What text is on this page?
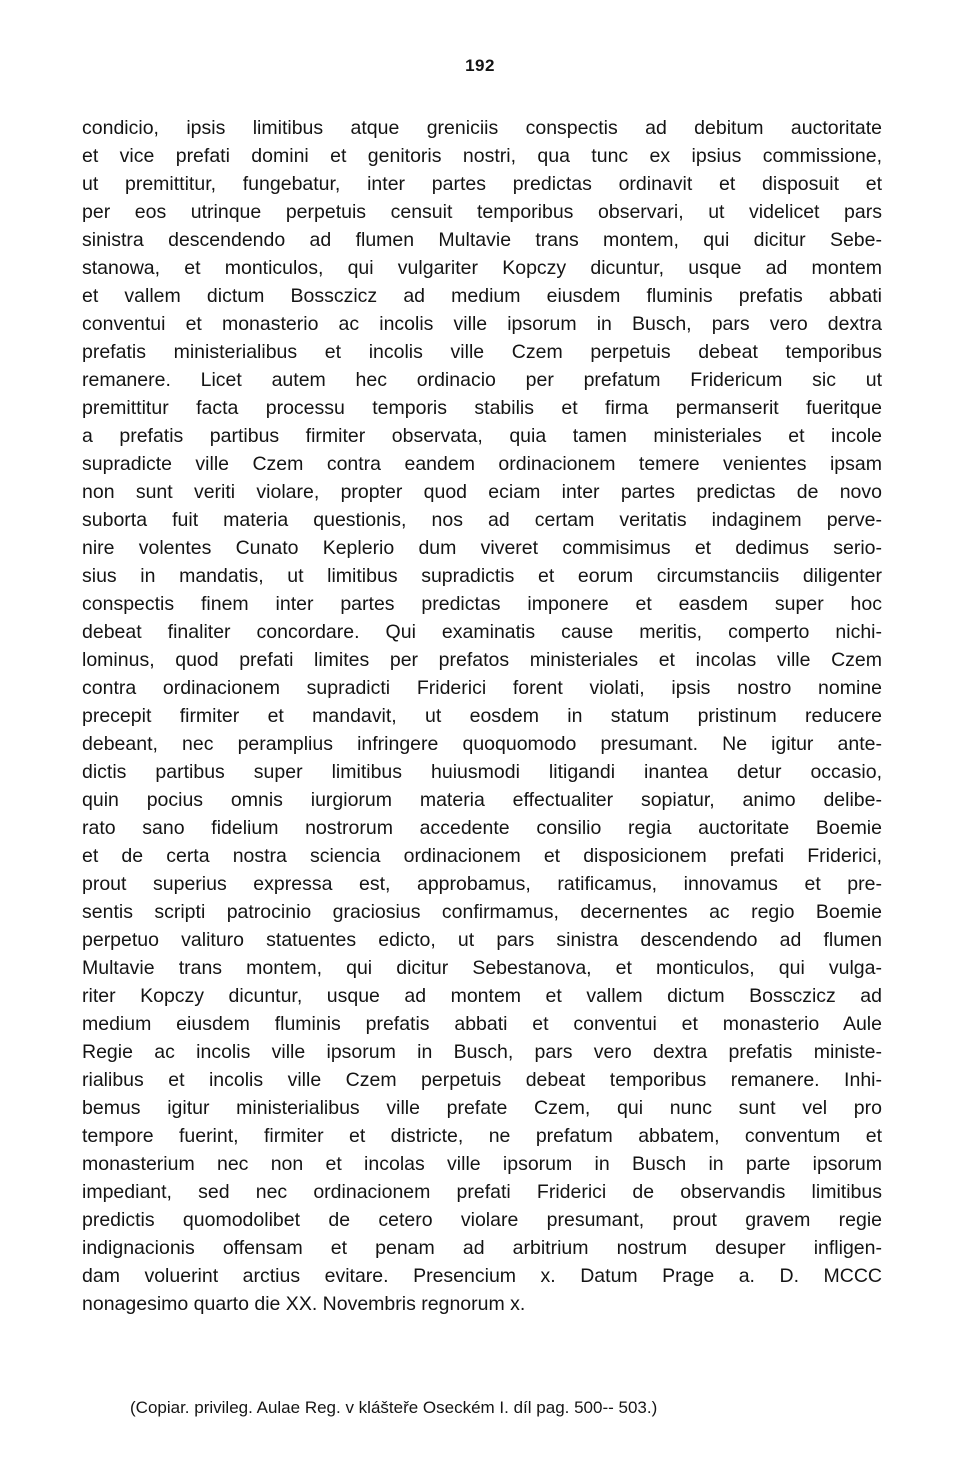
192
condicio, ipsis limitibus atque greniciis conspectis ad debitum auctoritate
et vice prefati domini et genitoris nostri, qua tunc ex ipsius commissione,
ut premittitur, fungebatur, inter partes predictas ordinavit et disposuit et
per eos utrinque perpetuis censuit temporibus observari, ut videlicet pars
sinistra descendendo ad flumen Multavie trans montem, qui dicitur Sebe-
stanowa, et monticulos, qui vulgariter Kopczy dicuntur, usque ad montem
et vallem dictum Bossczicz ad medium eiusdem fluminis prefatis abbati
conventui et monasterio ac incolis ville ipsorum in Busch, pars vero dextra
prefatis ministerialibus et incolis ville Czem perpetuis debeat temporibus
remanere. Licet autem hec ordinacio per prefatum Fridericum sic ut
premittitur facta processu temporis stabilis et firma permanserit fueritque
a prefatis partibus firmiter observata, quia tamen ministeriales et incole
supradicte ville Czem contra eandem ordinacionem temere venientes ipsam
non sunt veriti violare, propter quod eciam inter partes predictas de novo
suborta fuit materia questionis, nos ad certam veritatis indaginem perve-
nire volentes Cunato Keplerio dum viveret commisimus et dedimus serio-
sius in mandatis, ut limitibus supradictis et eorum circumstanciis diligenter
conspectis finem inter partes predictas imponere et easdem super hoc
debeat finaliter concordare. Qui examinatis cause meritis, comperto nichi-
lominus, quod prefati limites per prefatos ministeriales et incolas ville Czem
contra ordinacionem supradicti Friderici forent violati, ipsis nostro nomine
precepit firmiter et mandavit, ut eosdem in statum pristinum reducere
debeant, nec peramplius infringere quoquomodo presumant. Ne igitur ante-
dictis partibus super limitibus huiusmodi litigandi inantea detur occasio,
quin pocius omnis iurgiorum materia effectualiter sopiatur, animo delibe-
rato sano fidelium nostrorum accedente consilio regia auctoritate Boemie
et de certa nostra sciencia ordinacionem et disposicionem prefati Friderici,
prout superius expressa est, approbamus, ratificamus, innovamus et pre-
sentis scripti patrocinio graciosius confirmamus, decernentes ac regio Boemie
perpetuo valituro statuentes edicto, ut pars sinistra descendendo ad flumen
Multavie trans montem, qui dicitur Sebestanova, et monticulos, qui vulga-
riter Kopczy dicuntur, usque ad montem et vallem dictum Bossczicz ad
medium eiusdem fluminis prefatis abbati et conventui et monasterio Aule
Regie ac incolis ville ipsorum in Busch, pars vero dextra prefatis ministe-
rialibus et incolis ville Czem perpetuis debeat temporibus remanere. Inhi-
bemus igitur ministerialibus ville prefate Czem, qui nunc sunt vel pro
tempore fuerint, firmiter et districte, ne prefatum abbatem, conventum et
monasterium nec non et incolas ville ipsorum in Busch in parte ipsorum
impediant, sed nec ordinacionem prefati Friderici de observandis limitibus
predictis quomodolibet de cetero violare presumant, prout gravem regie
indignacionis offensam et penam ad arbitrium nostrum desuper infligen-
dam voluerint arctius evitare. Presencium x. Datum Prage a. D. MCCC
nonagesimo quarto die XX. Novembris regnorum x.
(Copiar. privileg. Aulae Reg. v klášteře Oseckém I. díl pag. 500-- 503.)
